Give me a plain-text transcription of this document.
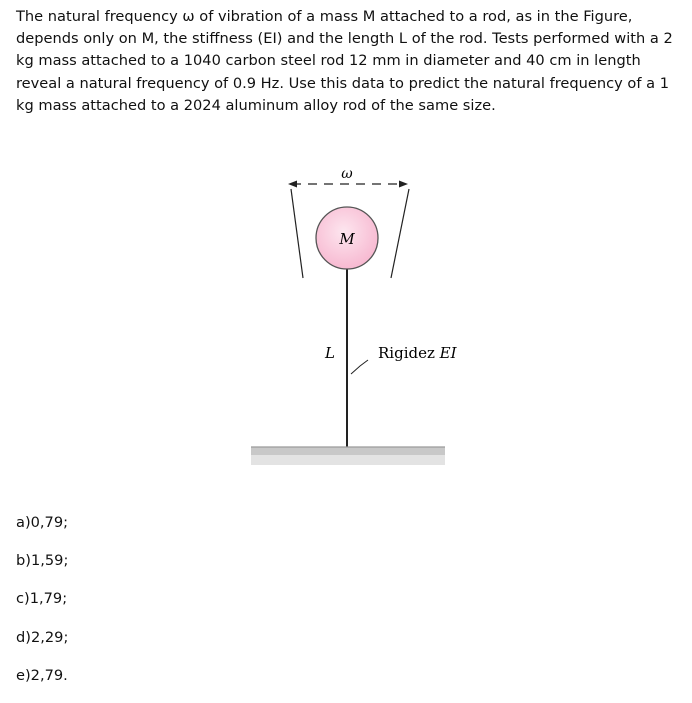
The natural frequency ω of vibration of a mass M attached to a rod, as in the Figure, depends only on M, the stiffness (EI) and the length L of the rod. Tests performed with a 2 kg mass attached to a 1040 carbon steel rod 12 mm in diameter and 40 cm in length reveal a natural frequency of 0.9 Hz. Use this data to predict the natural frequency of a 1 kg mass attached to a 2024 aluminum alloy rod of the same size.

ω
M
L	Rigidez EI
a)0,79;
b)1,59;
c)1,79;
d)2,29;
e)2,79.
